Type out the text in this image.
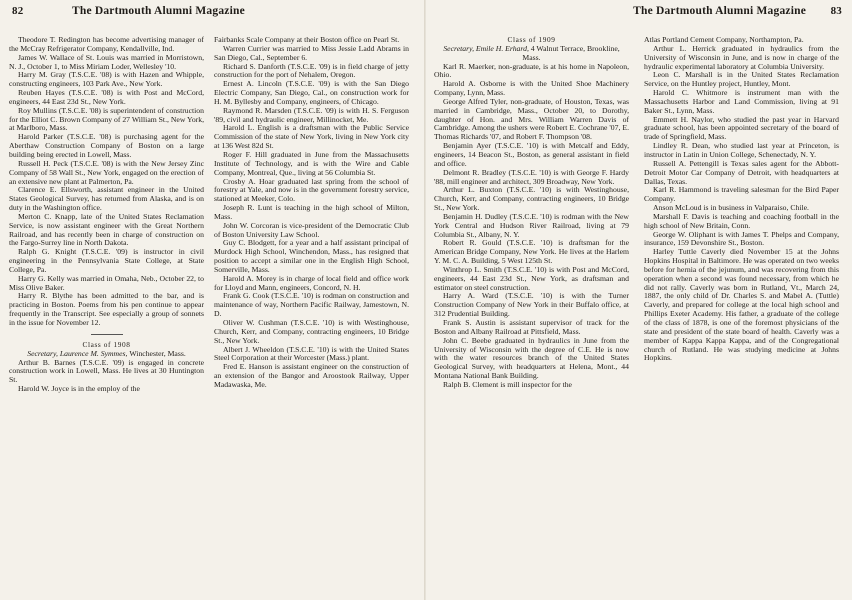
82	The Dartmouth Alumni Magazine

Theodore T. Redington has become advertising manager of the McCray Refrigerator Company, Kendallville, Ind.

James W. Wallace of St. Louis was married in Morristown, N. J., October 1, to Miss Miriam Loder, Wellesley '10.

Harry M. Gray (T.S.C.E. '08) is with Hazen and Whipple, constructing engineers, 103 Park Ave., New York.

Reuben Hayes (T.S.C.E. '08) is with Post and McCord, engineers, 44 East 23d St., New York.

Roy Mullins (T.S.C.E. '08) is superintendent of construction for the Elliot C. Brown Company of 27 William St., New York, at Marlboro, Mass.

Harold Parker (T.S.C.E. '08) is purchasing agent for the Aberthaw Construction Company of Boston on a large building being erected in Lowell, Mass.

Russell H. Peck (T.S.C.E. '08) is with the New Jersey Zinc Company of 58 Wall St., New York, engaged on the erection of an extensive new plant at Palmerton, Pa.

Clarence E. Ellsworth, assistant engineer in the United States Geological Survey, has returned from Alaska, and is on duty in the Washington office.

Merton C. Knapp, late of the United States Reclamation Service, is now assistant engineer with the Great Northern Railroad, and has recently been in charge of construction on the Fargo-Surrey line in North Dakota.

Ralph G. Knight (T.S.C.E. '09) is instructor in civil engineering in the Pennsylvania State College, at State College, Pa.

Harry G. Kelly was married in Omaha, Neb., October 22, to Miss Olive Baker.

Harry R. Blythe has been admitted to the bar, and is practicing in Boston. Poems from his pen continue to appear frequently in the Transcript. See especially a group of sonnets in the issue for November 12.

Class of 1908

Secretary, Laurence M. Symmes, Winchester, Mass.

Arthur B. Barnes (T.S.C.E. '09) is engaged in concrete construction work in Lowell, Mass. He lives at 30 Huntington St.

Harold W. Joyce is in the employ of the

Fairbanks Scale Company at their Boston office on Pearl St.

Warren Currier was married to Miss Jessie Ladd Abrams in San Diego, Cal., September 6.

Richard S. Danforth (T.S.C.E. '09) is in field charge of jetty construction for the port of Nehalem, Oregon.

Ernest A. Lincoln (T.S.C.E. '09) is with the San Diego Electric Company, San Diego, Cal., on construction work for H. M. Byllesby and Company, engineers, of Chicago.

Raymond R. Marsden (T.S.C.E. '09) is with H. S. Ferguson '89, civil and hydraulic engineer, Millinocket, Me.

Harold L. English is a draftsman with the Public Service Commission of the state of New York, living in New York city at 136 West 82d St.

Roger F. Hill graduated in June from the Massachusetts Institute of Technology, and is with the Wire and Cable Company, Montreal, Que., living at 56 Columbia St.

Crosby A. Hoar graduated last spring from the school of forestry at Yale, and now is in the government forestry service, stationed at Meeker, Colo.

Joseph R. Lunt is teaching in the high school of Milton, Mass.

John W. Corcoran is vice-president of the Democratic Club of Boston University Law School.

Guy C. Blodgett, for a year and a half assistant principal of Murdock High School, Winchendon, Mass., has resigned that position to accept a similar one in the English High School, Somerville, Mass.

Harold A. Morey is in charge of local field and office work for Lloyd and Mann, engineers, Concord, N. H.

Frank G. Cook (T.S.C.E. '10) is rodman on construction and maintenance of way, Northern Pacific Railway, Jamestown, N. D.

Oliver W. Cushman (T.S.C.E. '10) is with Westinghouse, Church, Kerr, and Company, contracting engineers, 10 Bridge St., New York.

Albert J. Wheeldon (T.S.C.E. '10) is with the United States Steel Corporation at their Worcester (Mass.) plant.

Fred E. Hanson is assistant engineer on the construction of an extension of the Bangor and Aroostook Railway, Upper Madawaska, Me.

The Dartmouth Alumni Magazine 83

Class of 1909

Secretary, Emile H. Erhard, 4 Walnut Terrace, Brookline, Mass.

Karl R. Maerker, non-graduate, is at his home in Napoleon, Ohio.

Harold A. Osborne is with the United Shoe Machinery Company, Lynn, Mass.

George Alfred Tyler, non-graduate, of Houston, Texas, was married in Cambridge, Mass., October 20, to Dorothy, daughter of Hon. and Mrs. William Warren Davis of Cambridge. Among the ushers were Robert E. Cochrane '07, E. Thomas Richards '07, and Robert F. Thompson '08.

Benjamin Ayer (T.S.C.E. '10) is with Metcalf and Eddy, engineers, 14 Beacon St., Boston, as general assistant in field and office.

Delmont R. Bradley (T.S.C.E. '10) is with George F. Hardy '88, mill engineer and architect, 309 Broadway, New York.

Arthur L. Buxton (T.S.C.E. '10) is with Westinghouse, Church, Kerr, and Company, contracting engineers, 10 Bridge St., New York.

Benjamin H. Dudley (T.S.C.E. '10) is rodman with the New York Central and Hudson River Railroad, living at 79 Columbia St., Albany, N. Y.

Robert R. Gould (T.S.C.E. '10) is draftsman for the American Bridge Company, New York. He lives at the Harlem Y. M. C. A. Building, 5 West 125th St.

Winthrop L. Smith (T.S.C.E. '10) is with Post and McCord, engineers, 44 East 23d St., New York, as draftsman and estimator on steel construction.

Harry A. Ward (T.S.C.E. '10) is with the Turner Construction Company of New York in their Buffalo office, at 312 Prudential Building.

Frank S. Austin is assistant supervisor of track for the Boston and Albany Railroad at Pittsfield, Mass.

John C. Beebe graduated in hydraulics in June from the University of Wisconsin with the degree of C.E. He is now with the water resources branch of the United States Geological Survey, with headquarters at Helena, Mont., 44 Montana National Bank Building.

Ralph B. Clement is mill inspector for the

Atlas Portland Cement Company, Northampton, Pa.

Arthur L. Herrick graduated in hydraulics from the University of Wisconsin in June, and is now in charge of the hydraulic experimental laboratory at Columbia University.

Leon C. Marshall is in the United States Reclamation Service, on the Huntley project, Huntley, Mont.

Harold C. Whitmore is instrument man with the Massachusetts Harbor and Land Commission, living at 91 Baker St., Lynn, Mass.

Emmett H. Naylor, who studied the past year in Harvard graduate school, has been appointed secretary of the board of trade of Springfield, Mass.

Lindley R. Dean, who studied last year at Princeton, is instructor in Latin in Union College, Schenectady, N. Y.

Russell A. Pettengill is Texas sales agent for the Abbott-Detroit Motor Car Company of Detroit, with headquarters at Dallas, Texas.

Karl R. Hammond is traveling salesman for the Bird Paper Company.

Anson McLoud is in business in Valparaiso, Chile.

Marshall F. Davis is teaching and coaching football in the high school of New Britain, Conn.

George W. Oliphant is with James T. Phelps and Company, insurance, 159 Devonshire St., Boston.

Harley Tuttle Caverly died November 15 at the Johns Hopkins Hospital in Baltimore. He was operated on two weeks before for hernia of the jejunum, and was recovering from this operation when a second was found necessary, from which he did not rally. Caverly was born in Rutland, Vt., March 24, 1887, the only child of Dr. Charles S. and Mabel A. (Tuttle) Caverly, and prepared for college at the local high school and Phillips Exeter Academy. His father, a graduate of the college of the class of 1878, is one of the foremost physicians of the state and president of the state board of health. Caverly was a member of Kappa Kappa Kappa, and of the Congregational church of Rutland. He was studying medicine at Johns Hopkins.
